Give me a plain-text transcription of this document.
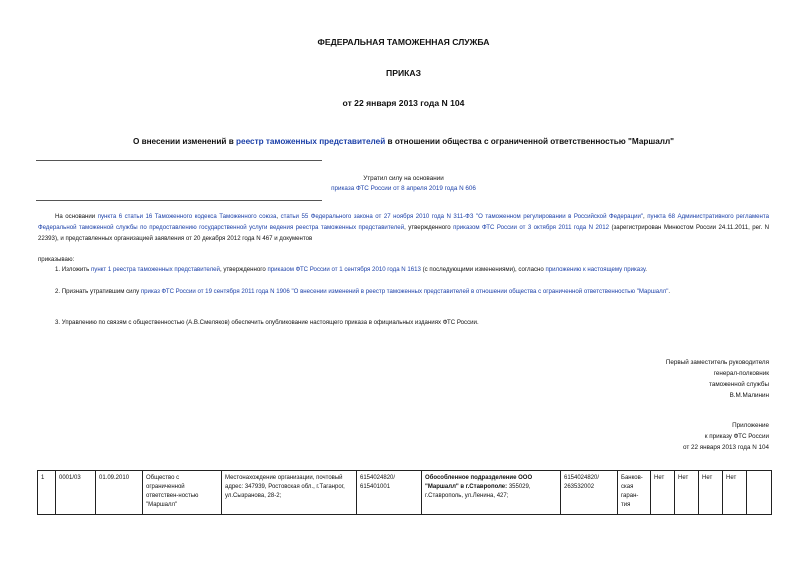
ФЕДЕРАЛЬНАЯ ТАМОЖЕННАЯ СЛУЖБА
ПРИКАЗ
от 22 января 2013 года N 104
О внесении изменений в реестр таможенных представителей в отношении общества с ограниченной ответственностью "Маршалл"
Утратил силу на основании
приказа ФТС России от 8 апреля 2019 года N 606
На основании пункта 6 статьи 16 Таможенного кодекса Таможенного союза, статьи 55 Федерального закона от 27 ноября 2010 года N 311-ФЗ "О таможенном регулировании в Российской Федерации", пункта 68 Административного регламента Федеральной таможенной службы по предоставлению государственной услуги ведения реестра таможенных представителей, утвержденного приказом ФТС России от 3 октября 2011 года N 2012 (зарегистрирован Минюстом России 24.11.2011, рег. N 22393), и представленных организацией заявления от 20 декабря 2012 года N 467 и документов
приказываю:
1. Изложить пункт 1 реестра таможенных представителей, утвержденного приказом ФТС России от 1 сентября 2010 года N 1613 (с последующими изменениями), согласно приложению к настоящему приказу.
2. Признать утратившим силу приказ ФТС России от 19 сентября 2011 года N 1906 "О внесении изменений в реестр таможенных представителей в отношении общества с ограниченной ответственностью "Маршалл".
3. Управлению по связям с общественностью (А.В.Смеляков) обеспечить опубликование настоящего приказа в официальных изданиях ФТС России.
Первый заместитель руководителя
генерал-полковник
таможенной службы
В.М.Малинин
Приложение
к приказу ФТС России
от 22 января 2013 года N 104
1	0001/03	01.09.2010	Общество с ограниченной ответствен-ностью "Маршалл"	Местонахождение организации, почтовый адрес: 347939, Ростовская обл., г.Таганрог, ул.Сызранова, 28-2;	6154024820/ 615401001	Обособленное подразделение ООО "Маршалл" в г.Ставрополе: 355029, г.Ставрополь, ул.Ленина, 427;	6154024820/ 263532002	Банков-ская гаран-тия	Нет	Нет	Нет	Нет	
